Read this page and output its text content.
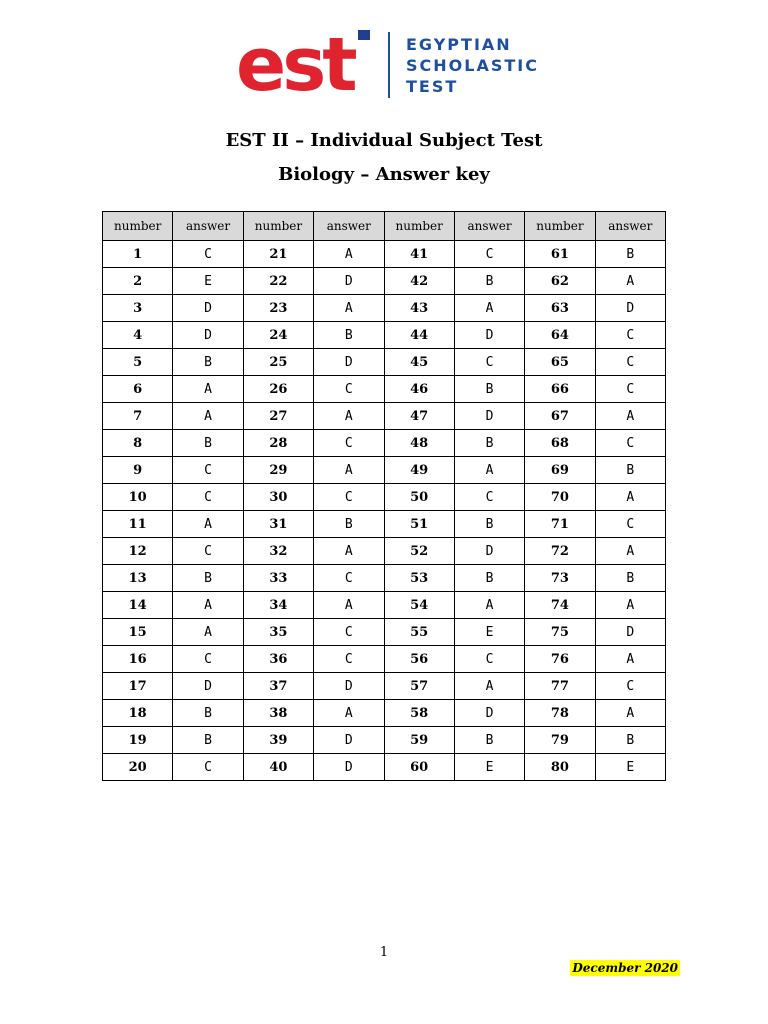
est	EGYPTIAN
SCHOLASTIC
TEST
EST II – Individual Subject Test
Biology – Answer key
number	answer	number	answer	number	answer	number	answer
1	C	21	A	41	C	61	B
2	E	22	D	42	B	62	A
3	D	23	A	43	A	63	D
4	D	24	B	44	D	64	C
5	B	25	D	45	C	65	C
6	A	26	C	46	B	66	C
7	A	27	A	47	D	67	A
8	B	28	C	48	B	68	C
9	C	29	A	49	A	69	B
10	C	30	C	50	C	70	A
11	A	31	B	51	B	71	C
12	C	32	A	52	D	72	A
13	B	33	C	53	B	73	B
14	A	34	A	54	A	74	A
15	A	35	C	55	E	75	D
16	C	36	C	56	C	76	A
17	D	37	D	57	A	77	C
18	B	38	A	58	D	78	A
19	B	39	D	59	B	79	B
20	C	40	D	60	E	80	E
1
December 2020
